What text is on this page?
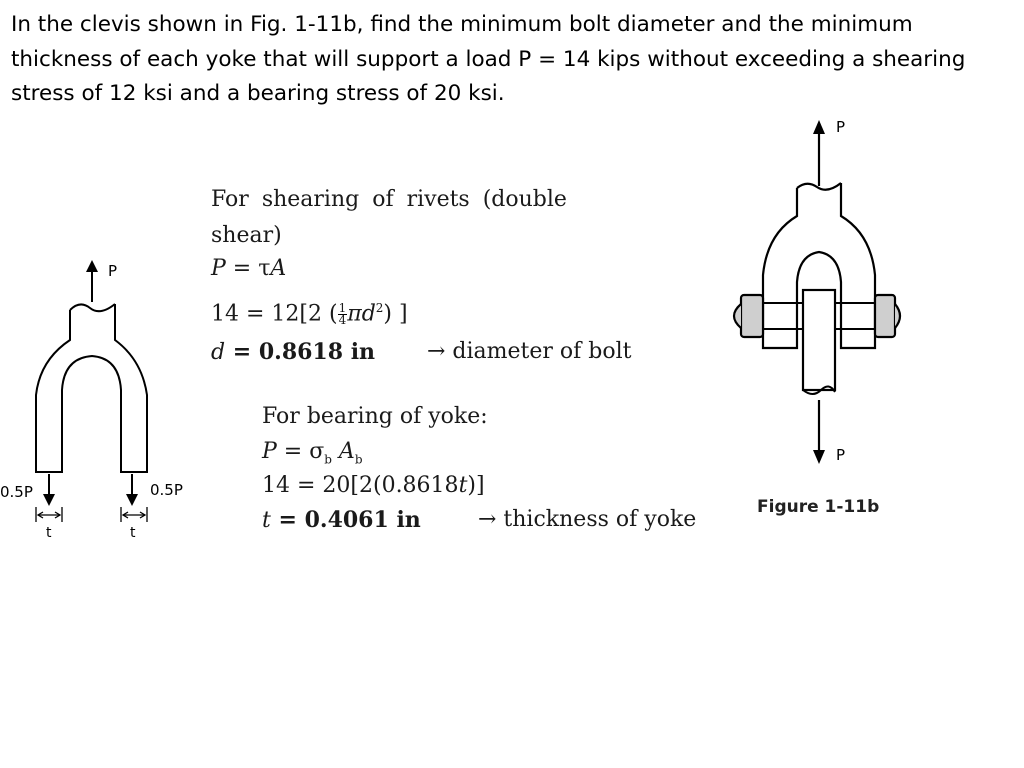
In the clevis shown in Fig. 1-11b, find the minimum bolt diameter and the minimum thickness of each yoke that will support a load P = 14 kips without exceeding a shearing stress of 12 ksi and a bearing stress of 20 ksi.

For shearing of rivets (double
shear)
P = τA
14 = 12[2 ( $\frac{1}{4} \pi d^2$) ]
d = 0.8618 in → diameter of bolt
For bearing of yoke:
$P = \sigma_b$ $A_b$
14 = 20[2(0.8618t)]
t = 0.4061 in	→ thickness of yoke
P
0.5P	0.5P
t	t
P
P
Figure 1-11b
